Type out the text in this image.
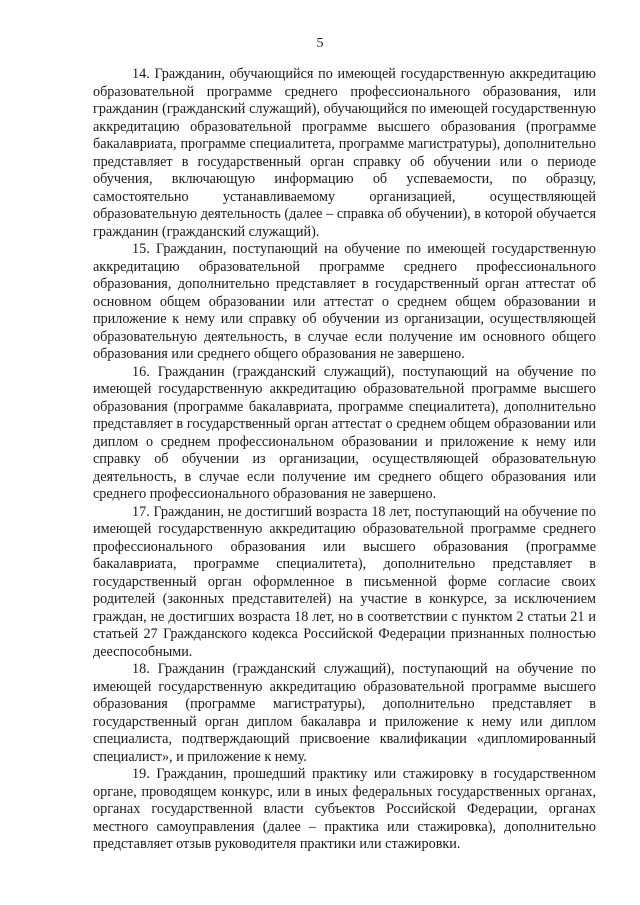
5

14. Гражданин, обучающийся по имеющей государственную аккредитацию образовательной программе среднего профессионального образования, или гражданин (гражданский служащий), обучающийся по имеющей государственную аккредитацию образовательной программе высшего образования (программе бакалавриата, программе специалитета, программе магистратуры), дополнительно представляет в государственный орган справку об обучении или о периоде обучения, включающую информацию об успеваемости, по образцу, самостоятельно устанавливаемому организацией, осуществляющей образовательную деятельность (далее – справка об обучении), в которой обучается гражданин (гражданский служащий).

15. Гражданин, поступающий на обучение по имеющей государственную аккредитацию образовательной программе среднего профессионального образования, дополнительно представляет в государственный орган аттестат об основном общем образовании или аттестат о среднем общем образовании и приложение к нему или справку об обучении из организации, осуществляющей образовательную деятельность, в случае если получение им основного общего образования или среднего общего образования не завершено.

16. Гражданин (гражданский служащий), поступающий на обучение по имеющей государственную аккредитацию образовательной программе высшего образования (программе бакалавриата, программе специалитета), дополнительно представляет в государственный орган аттестат о среднем общем образовании или диплом о среднем профессиональном образовании и приложение к нему или справку об обучении из организации, осуществляющей образовательную деятельность, в случае если получение им среднего общего образования или среднего профессионального образования не завершено.

17. Гражданин, не достигший возраста 18 лет, поступающий на обучение по имеющей государственную аккредитацию образовательной программе среднего профессионального образования или высшего образования (программе бакалавриата, программе специалитета), дополнительно представляет в государственный орган оформленное в письменной форме согласие своих родителей (законных представителей) на участие в конкурсе, за исключением граждан, не достигших возраста 18 лет, но в соответствии с пунктом 2 статьи 21 и статьей 27 Гражданского кодекса Российской Федерации признанных полностью дееспособными.

18. Гражданин (гражданский служащий), поступающий на обучение по имеющей государственную аккредитацию образовательной программе высшего образования (программе магистратуры), дополнительно представляет в государственный орган диплом бакалавра и приложение к нему или диплом специалиста, подтверждающий присвоение квалификации «дипломированный специалист», и приложение к нему.

19. Гражданин, прошедший практику или стажировку в государственном органе, проводящем конкурс, или в иных федеральных государственных органах, органах государственной власти субъектов Российской Федерации, органах местного самоуправления (далее – практика или стажировка), дополнительно представляет отзыв руководителя практики или стажировки.
